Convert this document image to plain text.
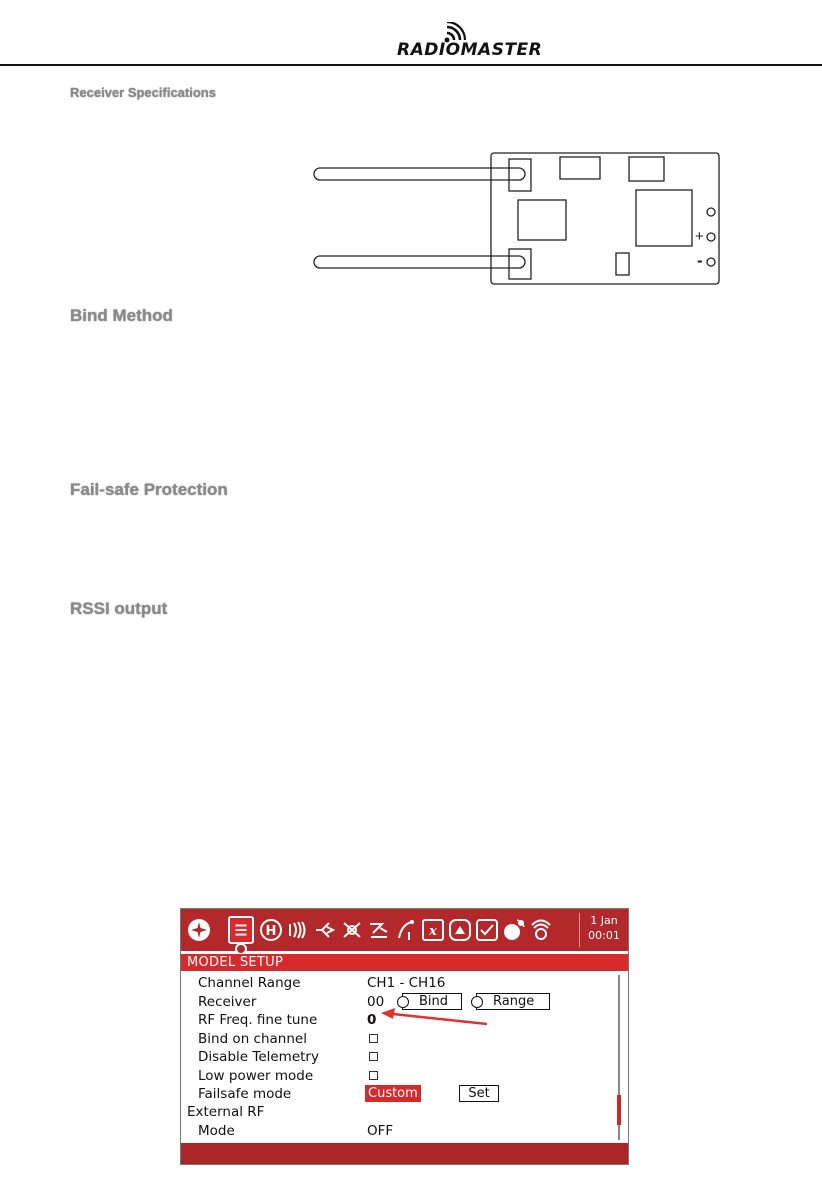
RADIOMASTER
Receiver Specifications
Bind Method
Fail-safe Protection
RSSI output
+
-
H	x
1 Jan
00:01
MODEL SETUP
Channel Range	CH1 - CH16
Receiver	00	Bind	Range
RF Freq. fine tune	0
Bind on channel
Disable Telemetry
Low power mode
Failsafe mode	Custom	Set
External RF
Mode	OFF
